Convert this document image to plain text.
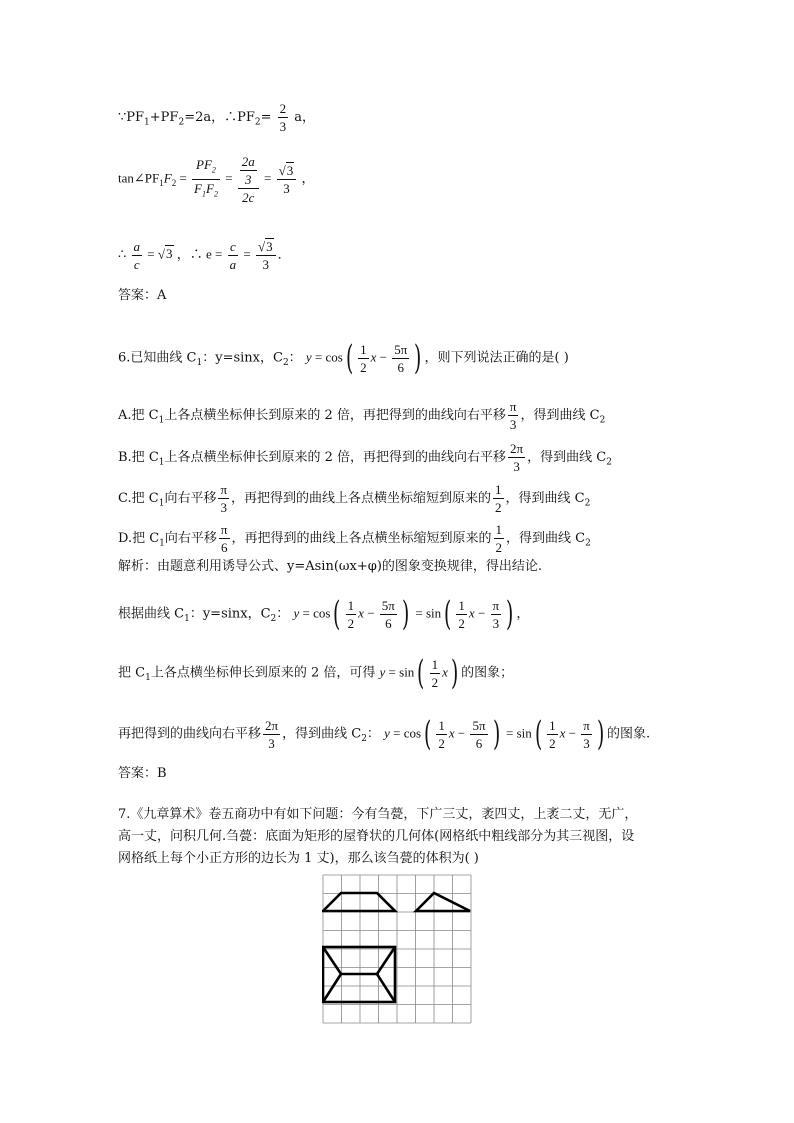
$\because PF_1+PF_2=2a$，$\therefore PF_2= \frac{2}{3}$ a，
$\tan\angle PF_1F_2 = \frac{PF_2}{F_1F_2} = \frac{\frac{2a}{3}}{2c} = \frac{√3}{3}$ ，
∴ $\frac{a}{c} = √3$ ，∴ $e = \frac{c}{a} = \frac{√3}{3}$ ．
答案：A
6.已知曲线 $C_1$：y=sinx，$C_2$： $y = \cos( \frac{1}{2}$ $x - \frac{5\pi}{6}$ ) ，则下列说法正确的是( )
A.把 $C_1$上各点横坐标伸长到原来的 2 倍，再把得到的曲线向右平移 $\frac{\pi}{3}$ ，得到曲线 $C_2$
B.把 $C_1$上各点横坐标伸长到原来的 2 倍，再把得到的曲线向右平移 $\frac{2\pi}{3}$ ，得到曲线 $C_2$
C.把 $C_1$向右平移 $\frac{\pi}{3}$ ，再把得到的曲线上各点横坐标缩短到原来的 $\frac{1}{2}$ ，得到曲线 $C_2$
D.把 $C_1$向右平移 $\frac{\pi}{6}$ ，再把得到的曲线上各点横坐标缩短到原来的 $\frac{1}{2}$ ，得到曲线 $C_2$
解析：由题意利用诱导公式、y=Asin(ωx+φ)的图象变换规律，得出结论.
根据曲线 $C_1$：y=sinx，$C_2$： $y = \cos( \frac{1}{2}$ $x - \frac{5\pi}{6}$ ) = $\sin( \frac{1}{2}$ $x - \frac{\pi}{3}$ ) ，
把 $C_1$上各点横坐标伸长到原来的 2 倍，可得 $y = \sin( \frac{1}{2} x)$ 的图象；
再把得到的曲线向右平移 $\frac{2\pi}{3}$ ，得到曲线 $C_2$： $y = \cos( \frac{1}{2}$ $x - \frac{5\pi}{6}$ ) = $\sin( \frac{1}{2}$ $x - \frac{\pi}{3}$ ) 的图象.
答案：B
7.《九章算术》卷五商功中有如下问题：今有刍甍，下广三丈，袤四丈，上袤二丈，无广，
高一丈，问积几何.刍甍：底面为矩形的屋脊状的几何体(网格纸中粗线部分为其三视图，设
网格纸上每个小正方形的边长为 1 丈)，那么该刍甍的体积为( )
